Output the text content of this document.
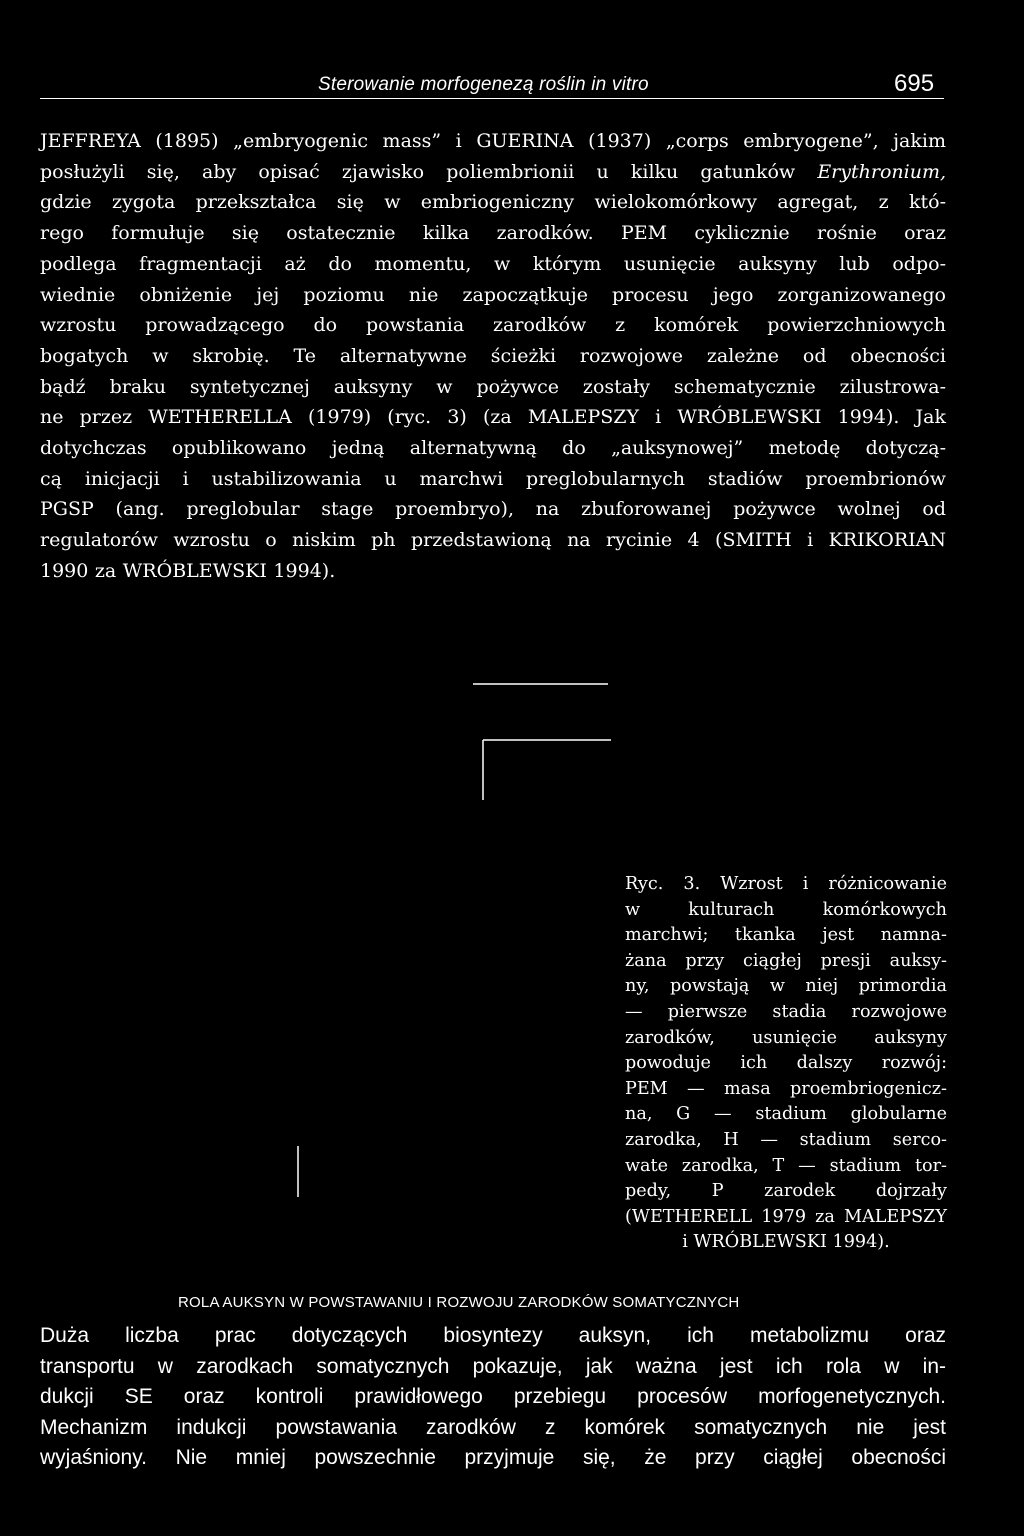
Sterowanie morfogenezą roślin in vitro	695
JEFFREYA (1895) „embryogenic mass” i GUERINA (1937) „corps embryogene”, jakim
posłużyli się, aby opisać zjawisko poliembrionii u kilku gatunków Erythronium,
gdzie zygota przekształca się w embriogeniczny wielokomórkowy agregat, z któ-
rego formułuje się ostatecznie kilka zarodków. PEM cyklicznie rośnie oraz
podlega fragmentacji aż do momentu, w którym usunięcie auksyny lub odpo-
wiednie obniżenie jej poziomu nie zapoczątkuje procesu jego zorganizowanego
wzrostu prowadzącego do powstania zarodków z komórek powierzchniowych
bogatych w skrobię. Te alternatywne ścieżki rozwojowe zależne od obecności
bądź braku syntetycznej auksyny w pożywce zostały schematycznie zilustrowa-
ne przez WETHERELLA (1979) (ryc. 3) (za MALEPSZY i WRÓBLEWSKI 1994). Jak
dotychczas opublikowano jedną alternatywną do „auksynowej” metodę dotyczą-
cą inicjacji i ustabilizowania u marchwi preglobularnych stadiów proembrionów
PGSP (ang. preglobular stage proembryo), na zbuforowanej pożywce wolnej od
regulatorów wzrostu o niskim ph przedstawioną na rycinie 4 (SMITH i KRIKORIAN
1990 za WRÓBLEWSKI 1994).
Ryc. 3. Wzrost i różnicowanie
w kulturach komórkowych
marchwi; tkanka jest namna-
żana przy ciągłej presji auksy-
ny, powstają w niej primordia
— pierwsze stadia rozwojowe
zarodków, usunięcie auksyny
powoduje ich dalszy rozwój:
PEM — masa proembriogenicz-
na, G — stadium globularne
zarodka, H — stadium serco-
wate zarodka, T — stadium tor-
pedy, P zarodek dojrzały
(WETHERELL 1979 za MALEPSZY
i WRÓBLEWSKI 1994).
ROLA AUKSYN W POWSTAWANIU I ROZWOJU ZARODKÓW SOMATYCZNYCH
Duża liczba prac dotyczących biosyntezy auksyn, ich metabolizmu oraz
transportu w zarodkach somatycznych pokazuje, jak ważna jest ich rola w in-
dukcji SE oraz kontroli prawidłowego przebiegu procesów morfogenetycznych.
Mechanizm indukcji powstawania zarodków z komórek somatycznych nie jest
wyjaśniony. Nie mniej powszechnie przyjmuje się, że przy ciągłej obecności
